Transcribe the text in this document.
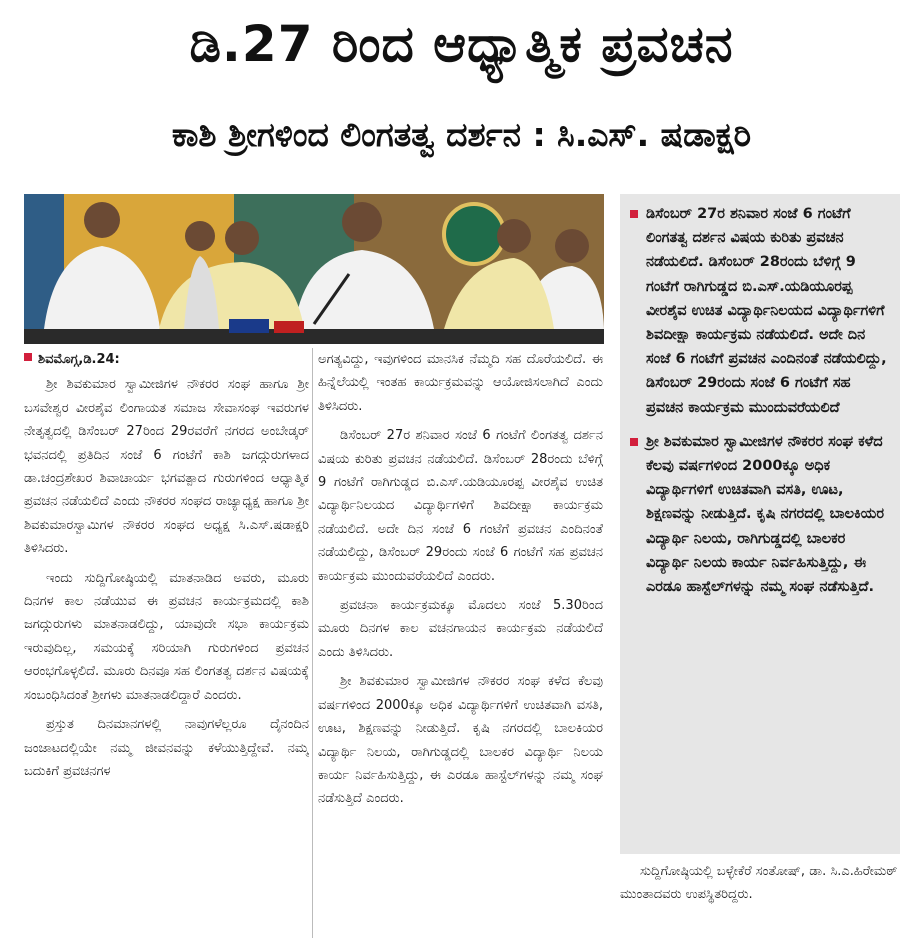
ಡಿ.27 ರಿಂದ ಆಧ್ಯಾತ್ಮಿಕ ಪ್ರವಚನ
ಕಾಶಿ ಶ್ರೀಗಳಿಂದ ಲಿಂಗತತ್ವ ದರ್ಶನ : ಸಿ.ಎಸ್. ಷಡಾಕ್ಷರಿ

ಶಿವಮೊಗ್ಗ,ಡಿ.24:

ಶ್ರೀ ಶಿವಕುಮಾರ ಸ್ವಾಮೀಜಿಗಳ ನೌಕರರ ಸಂಘ ಹಾಗೂ ಶ್ರೀ ಬಸವೇಶ್ವರ ವೀರಶೈವ ಲಿಂಗಾಯತ ಸಮಾಜ ಸೇವಾಸಂಘ ಇವರುಗಳ ನೇತೃತ್ವದಲ್ಲಿ ಡಿಸೆಂಬರ್ 27ರಿಂದ 29ರವರೆಗೆ ನಗರದ ಅಂಬೇಡ್ಕರ್ ಭವನದಲ್ಲಿ ಪ್ರತಿದಿನ ಸಂಜೆ 6 ಗಂಟೆಗೆ ಕಾಶಿ ಜಗದ್ಗುರುಗಳಾದ ಡಾ.ಚಂದ್ರಶೇಖರ ಶಿವಾಚಾರ್ಯ ಭಗವತ್ಪಾದ ಗುರುಗಳಿಂದ ಆಧ್ಯಾತ್ಮಿಕ ಪ್ರವಚನ ನಡೆಯಲಿದೆ ಎಂದು ನೌಕರರ ಸಂಘದ ರಾಜ್ಯಾಧ್ಯಕ್ಷ ಹಾಗೂ ಶ್ರೀ ಶಿವಕುಮಾರಸ್ವಾಮಿಗಳ ನೌಕರರ ಸಂಘದ ಅಧ್ಯಕ್ಷ ಸಿ.ಎಸ್.ಷಡಾಕ್ಷರಿ ತಿಳಿಸಿದರು.

ಇಂದು ಸುದ್ದಿಗೋಷ್ಠಿಯಲ್ಲಿ ಮಾತನಾಡಿದ ಅವರು, ಮೂರು ದಿನಗಳ ಕಾಲ ನಡೆಯುವ ಈ ಪ್ರವಚನ ಕಾರ್ಯಕ್ರಮದಲ್ಲಿ ಕಾಶಿ ಜಗದ್ಗುರುಗಳು ಮಾತನಾಡಲಿದ್ದು, ಯಾವುದೇ ಸಭಾ ಕಾರ್ಯಕ್ರಮ ಇರುವುದಿಲ್ಲ, ಸಮಯಕ್ಕೆ ಸರಿಯಾಗಿ ಗುರುಗಳಿಂದ ಪ್ರವಚನ ಆರಂಭಗೊಳ್ಳಲಿದೆ. ಮೂರು ದಿನವೂ ಸಹ ಲಿಂಗತತ್ವ ದರ್ಶನ ವಿಷಯಕ್ಕೆ ಸಂಬಂಧಿಸಿದಂತೆ ಶ್ರೀಗಳು ಮಾತನಾಡಲಿದ್ದಾರೆ ಎಂದರು.

ಪ್ರಸ್ತುತ ದಿನಮಾನಗಳಲ್ಲಿ ನಾವುಗಳೆಲ್ಲರೂ ದೈನಂದಿನ ಜಂಜಾಟದಲ್ಲಿಯೇ ನಮ್ಮ ಜೀವನವನ್ನು ಕಳೆಯುತ್ತಿದ್ದೇವೆ. ನಮ್ಮ ಬದುಕಿಗೆ ಪ್ರವಚನಗಳ

ಅಗತ್ಯವಿದ್ದು, ಇವುಗಳಿಂದ ಮಾನಸಿಕ ನೆಮ್ಮದಿ ಸಹ ದೊರೆಯಲಿದೆ. ಈ ಹಿನ್ನೆಲೆಯಲ್ಲಿ ಇಂತಹ ಕಾರ್ಯಕ್ರಮವನ್ನು ಆಯೋಜಿಸಲಾಗಿದೆ ಎಂದು ತಿಳಿಸಿದರು.

ಡಿಸೆಂಬರ್ 27ರ ಶನಿವಾರ ಸಂಜೆ 6 ಗಂಟೆಗೆ ಲಿಂಗತತ್ವ ದರ್ಶನ ವಿಷಯ ಕುರಿತು ಪ್ರವಚನ ನಡೆಯಲಿದೆ. ಡಿಸೆಂಬರ್ 28ರಂದು ಬೆಳಿಗ್ಗೆ 9 ಗಂಟೆಗೆ ರಾಗಿಗುಡ್ಡದ ಬಿ.ಎಸ್.ಯಡಿಯೂರಪ್ಪ ವೀರಶೈವ ಉಚಿತ ವಿದ್ಯಾರ್ಥಿನಿಲಯದ ವಿದ್ಯಾರ್ಥಿಗಳಿಗೆ ಶಿವದೀಕ್ಷಾ ಕಾರ್ಯಕ್ರಮ ನಡೆಯಲಿದೆ. ಅದೇ ದಿನ ಸಂಜೆ 6 ಗಂಟೆಗೆ ಪ್ರವಚನ ಎಂದಿನಂತೆ ನಡೆಯಲಿದ್ದು, ಡಿಸೆಂಬರ್ 29ರಂದು ಸಂಜೆ 6 ಗಂಟೆಗೆ ಸಹ ಪ್ರವಚನ ಕಾರ್ಯಕ್ರಮ ಮುಂದುವರೆಯಲಿದೆ ಎಂದರು.

ಪ್ರವಚನಾ ಕಾರ್ಯಕ್ರಮಕ್ಕೂ ಮೊದಲು ಸಂಜೆ 5.30ರಿಂದ ಮೂರು ದಿನಗಳ ಕಾಲ ವಚನಗಾಯನ ಕಾರ್ಯಕ್ರಮ ನಡೆಯಲಿದೆ ಎಂದು ತಿಳಿಸಿದರು.

ಶ್ರೀ ಶಿವಕುಮಾರ ಸ್ವಾಮೀಜಿಗಳ ನೌಕರರ ಸಂಘ ಕಳೆದ ಕೆಲವು ವರ್ಷಗಳಿಂದ 2000ಕ್ಕೂ ಅಧಿಕ ವಿದ್ಯಾರ್ಥಿಗಳಿಗೆ ಉಚಿತವಾಗಿ ವಸತಿ, ಊಟ, ಶಿಕ್ಷಣವನ್ನು ನೀಡುತ್ತಿದೆ. ಕೃಷಿ ನಗರದಲ್ಲಿ ಬಾಲಕಿಯರ ವಿದ್ಯಾರ್ಥಿ ನಿಲಯ, ರಾಗಿಗುಡ್ಡದಲ್ಲಿ ಬಾಲಕರ ವಿದ್ಯಾರ್ಥಿ ನಿಲಯ ಕಾರ್ಯ ನಿರ್ವಹಿಸುತ್ತಿದ್ದು, ಈ ಎರಡೂ ಹಾಸ್ಟೆಲ್‌ಗಳನ್ನು ನಮ್ಮ ಸಂಘ ನಡೆಸುತ್ತಿದೆ ಎಂದರು.

ಡಿಸೆಂಬರ್ 27ರ ಶನಿವಾರ ಸಂಜೆ 6 ಗಂಟೆಗೆ ಲಿಂಗತತ್ವ ದರ್ಶನ ವಿಷಯ ಕುರಿತು ಪ್ರವಚನ ನಡೆಯಲಿದೆ. ಡಿಸೆಂಬರ್ 28ರಂದು ಬೆಳಿಗ್ಗೆ 9 ಗಂಟೆಗೆ ರಾಗಿಗುಡ್ಡದ ಬಿ.ಎಸ್.ಯಡಿಯೂರಪ್ಪ ವೀರಶೈವ ಉಚಿತ ವಿದ್ಯಾರ್ಥಿನಿಲಯದ ವಿದ್ಯಾರ್ಥಿಗಳಿಗೆ ಶಿವದೀಕ್ಷಾ ಕಾರ್ಯಕ್ರಮ ನಡೆಯಲಿದೆ. ಅದೇ ದಿನ ಸಂಜೆ 6 ಗಂಟೆಗೆ ಪ್ರವಚನ ಎಂದಿನಂತೆ ನಡೆಯಲಿದ್ದು, ಡಿಸೆಂಬರ್ 29ರಂದು ಸಂಜೆ 6 ಗಂಟೆಗೆ ಸಹ ಪ್ರವಚನ ಕಾರ್ಯಕ್ರಮ ಮುಂದುವರೆಯಲಿದೆ

ಶ್ರೀ ಶಿವಕುಮಾರ ಸ್ವಾಮೀಜಿಗಳ ನೌಕರರ ಸಂಘ ಕಳೆದ ಕೆಲವು ವರ್ಷಗಳಿಂದ 2000ಕ್ಕೂ ಅಧಿಕ ವಿದ್ಯಾರ್ಥಿಗಳಿಗೆ ಉಚಿತವಾಗಿ ವಸತಿ, ಊಟ, ಶಿಕ್ಷಣವನ್ನು ನೀಡುತ್ತಿದೆ. ಕೃಷಿ ನಗರದಲ್ಲಿ ಬಾಲಕಿಯರ ವಿದ್ಯಾರ್ಥಿ ನಿಲಯ, ರಾಗಿಗುಡ್ಡದಲ್ಲಿ ಬಾಲಕರ ವಿದ್ಯಾರ್ಥಿ ನಿಲಯ ಕಾರ್ಯ ನಿರ್ವಹಿಸುತ್ತಿದ್ದು, ಈ ಎರಡೂ ಹಾಸ್ಟೆಲ್‌ಗಳನ್ನು ನಮ್ಮ ಸಂಘ ನಡೆಸುತ್ತಿದೆ.

ಸುದ್ದಿಗೋಷ್ಠಿಯಲ್ಲಿ ಬಳ್ಳೇಕೆರೆ ಸಂತೋಷ್, ಡಾ. ಸಿ.ಎ.ಹಿರೇಮಠ್ ಮುಂತಾದವರು ಉಪಸ್ಥಿತರಿದ್ದರು.
